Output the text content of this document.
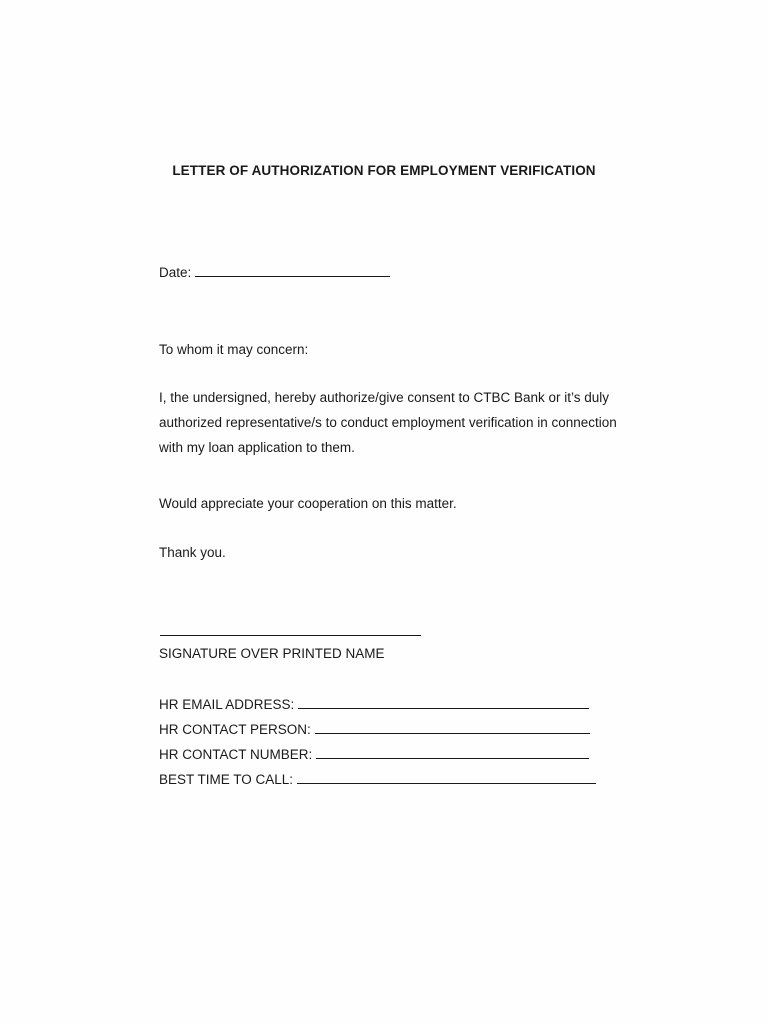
LETTER OF AUTHORIZATION FOR EMPLOYMENT VERIFICATION
Date:
To whom it may concern:
I, the undersigned, hereby authorize/give consent to CTBC Bank or it’s duly
authorized representative/s to conduct employment verification in connection
with my loan application to them.
Would appreciate your cooperation on this matter.
Thank you.
SIGNATURE OVER PRINTED NAME
HR EMAIL ADDRESS:
HR CONTACT PERSON:
HR CONTACT NUMBER:
BEST TIME TO CALL:
